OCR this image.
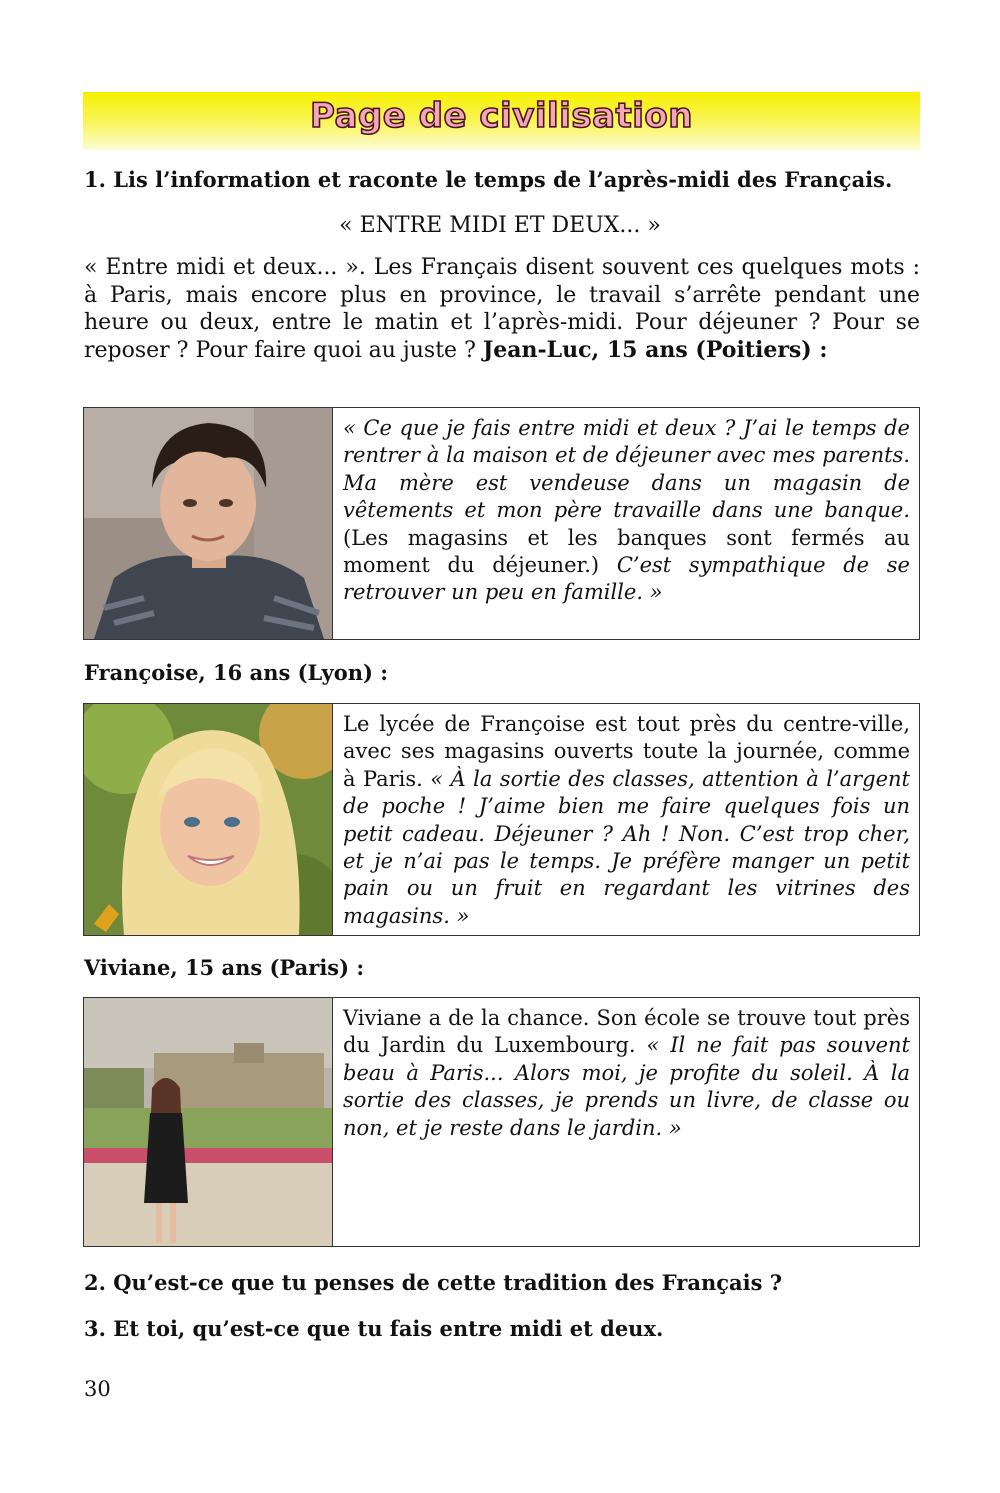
Page de civilisation
1. Lis l’information et raconte le temps de l’après-midi des Français.
« ENTRE MIDI ET DEUX... »
« Entre midi et deux... ». Les Français disent souvent ces quelques mots : à Paris, mais encore plus en province, le travail s’arrête pendant une heure ou deux, entre le matin et l’après-midi. Pour déjeuner ? Pour se reposer ? Pour faire quoi au juste ? Jean-Luc, 15 ans (Poitiers) :
« Ce que je fais entre midi et deux ? J’ai le temps de rentrer à la maison et de déjeuner avec mes parents. Ma mère est vendeuse dans un magasin de vêtements et mon père travaille dans une banque. (Les magasins et les banques sont fermés au moment du déjeuner.) C’est sympathique de se retrouver un peu en famille. »
Françoise, 16 ans (Lyon) :
Le lycée de Françoise est tout près du centre-ville, avec ses magasins ouverts toute la journée, comme à Paris. « À la sortie des classes, attention à l’argent de poche ! J’aime bien me faire quelques fois un petit cadeau. Déjeuner ? Ah ! Non. C’est trop cher, et je n’ai pas le temps. Je préfère manger un petit pain ou un fruit en regardant les vitrines des magasins. »
Viviane, 15 ans (Paris) :
Viviane a de la chance. Son école se trouve tout près du Jardin du Luxembourg. « Il ne fait pas souvent beau à Paris... Alors moi, je profite du soleil. À la sortie des classes, je prends un livre, de classe ou non, et je reste dans le jardin. »
2. Qu’est-ce que tu penses de cette tradition des Français ?
3. Et toi, qu’est-ce que tu fais entre midi et deux.
30
